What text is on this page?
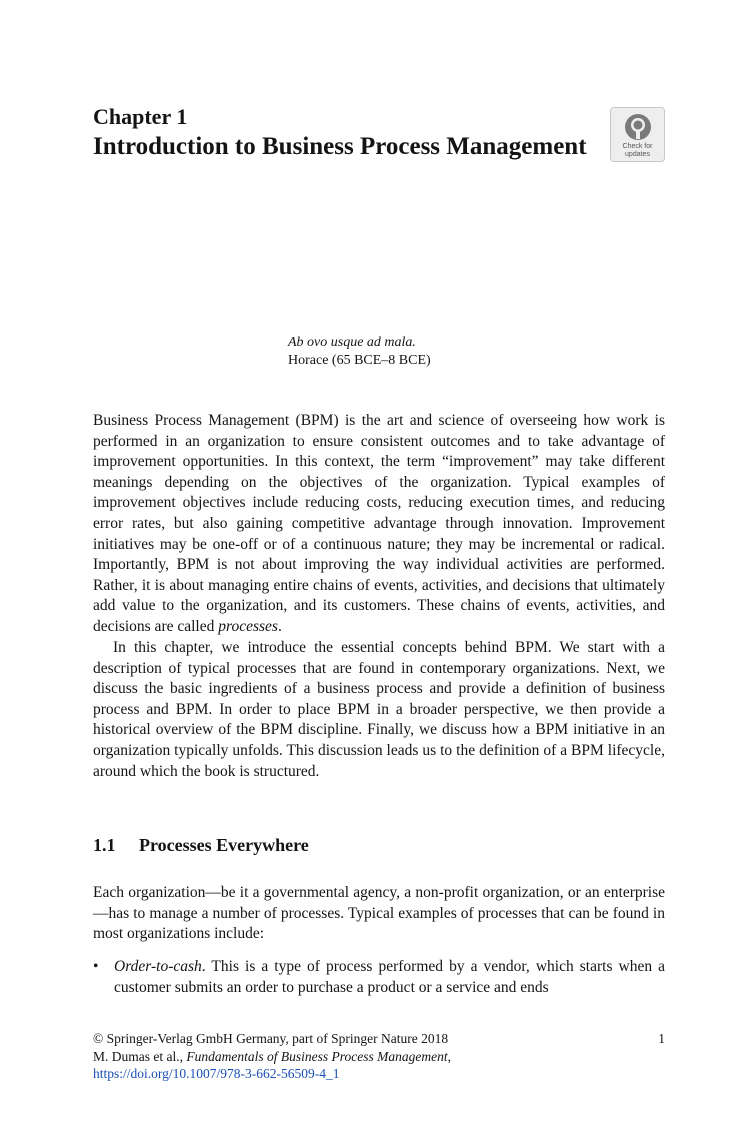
Chapter 1
Introduction to Business Process Management	Check for
updates
Ab ovo usque ad mala.
Horace (65 BCE–8 BCE)

Business Process Management (BPM) is the art and science of overseeing how work is performed in an organization to ensure consistent outcomes and to take advantage of improvement opportunities. In this context, the term “improvement” may take different meanings depending on the objectives of the organization. Typical examples of improvement objectives include reducing costs, reducing execution times, and reducing error rates, but also gaining competitive advantage through innovation. Improvement initiatives may be one-off or of a continuous nature; they may be incremental or radical. Importantly, BPM is not about improving the way individual activities are performed. Rather, it is about managing entire chains of events, activities, and decisions that ultimately add value to the organization, and its customers. These chains of events, activities, and decisions are called processes.

In this chapter, we introduce the essential concepts behind BPM. We start with a description of typical processes that are found in contemporary organizations. Next, we discuss the basic ingredients of a business process and provide a definition of business process and BPM. In order to place BPM in a broader perspective, we then provide a historical overview of the BPM discipline. Finally, we discuss how a BPM initiative in an organization typically unfolds. This discussion leads us to the definition of a BPM lifecycle, around which the book is structured.

1.1 Processes Everywhere

Each organization—be it a governmental agency, a non-profit organization, or an enterprise—has to manage a number of processes. Typical examples of processes that can be found in most organizations include:

• Order-to-cash. This is a type of process performed by a vendor, which starts when a customer submits an order to purchase a product or a service and ends
© Springer-Verlag GmbH Germany, part of Springer Nature 2018
M. Dumas et al., Fundamentals of Business Process Management,
https://doi.org/10.1007/978-3-662-56509-4_1
1
